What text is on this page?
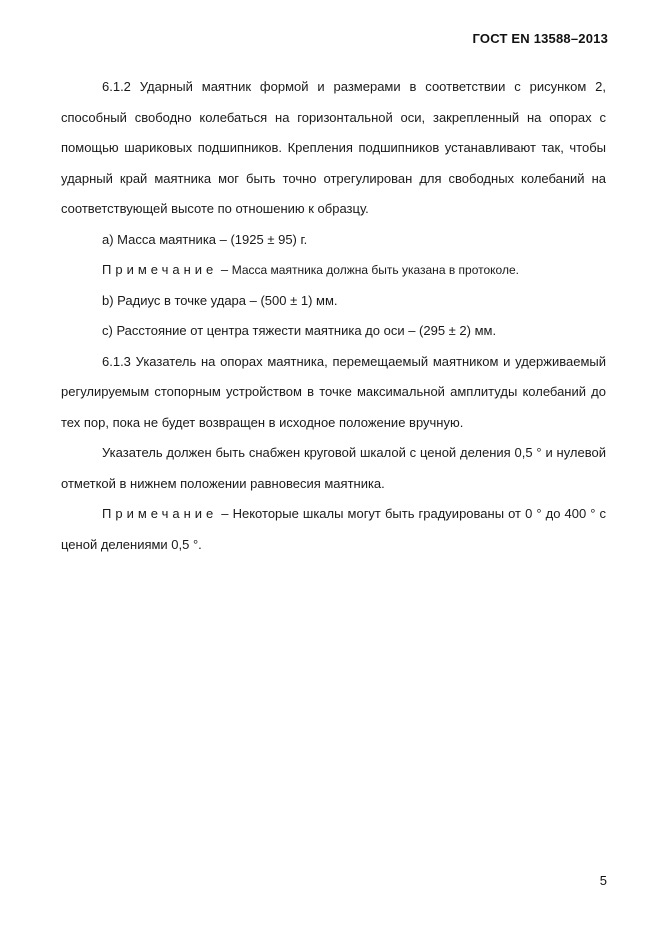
ГОСТ EN 13588–2013

6.1.2 Ударный маятник формой и размерами в соответствии с рисунком 2, способный свободно колебаться на горизонтальной оси, закрепленный на опорах с помощью шариковых подшипников. Крепления подшипников устанавливают так, чтобы ударный край маятника мог быть точно отрегулирован для свободных колебаний на соответствующей высоте по отношению к образцу.

а) Масса маятника – (1925 ± 95) г.

Примечание – Масса маятника должна быть указана в протоколе.

b) Радиус в точке удара – (500 ± 1) мм.

с) Расстояние от центра тяжести маятника до оси – (295 ± 2) мм.

6.1.3 Указатель на опорах маятника, перемещаемый маятником и удерживаемый регулируемым стопорным устройством в точке максимальной амплитуды колебаний до тех пор, пока не будет возвращен в исходное положение вручную.

Указатель должен быть снабжен круговой шкалой с ценой деления 0,5 ° и нулевой отметкой в нижнем положении равновесия маятника.

Примечание – Некоторые шкалы могут быть градуированы от 0 ° до 400 ° с ценой делениями 0,5 °.

5
